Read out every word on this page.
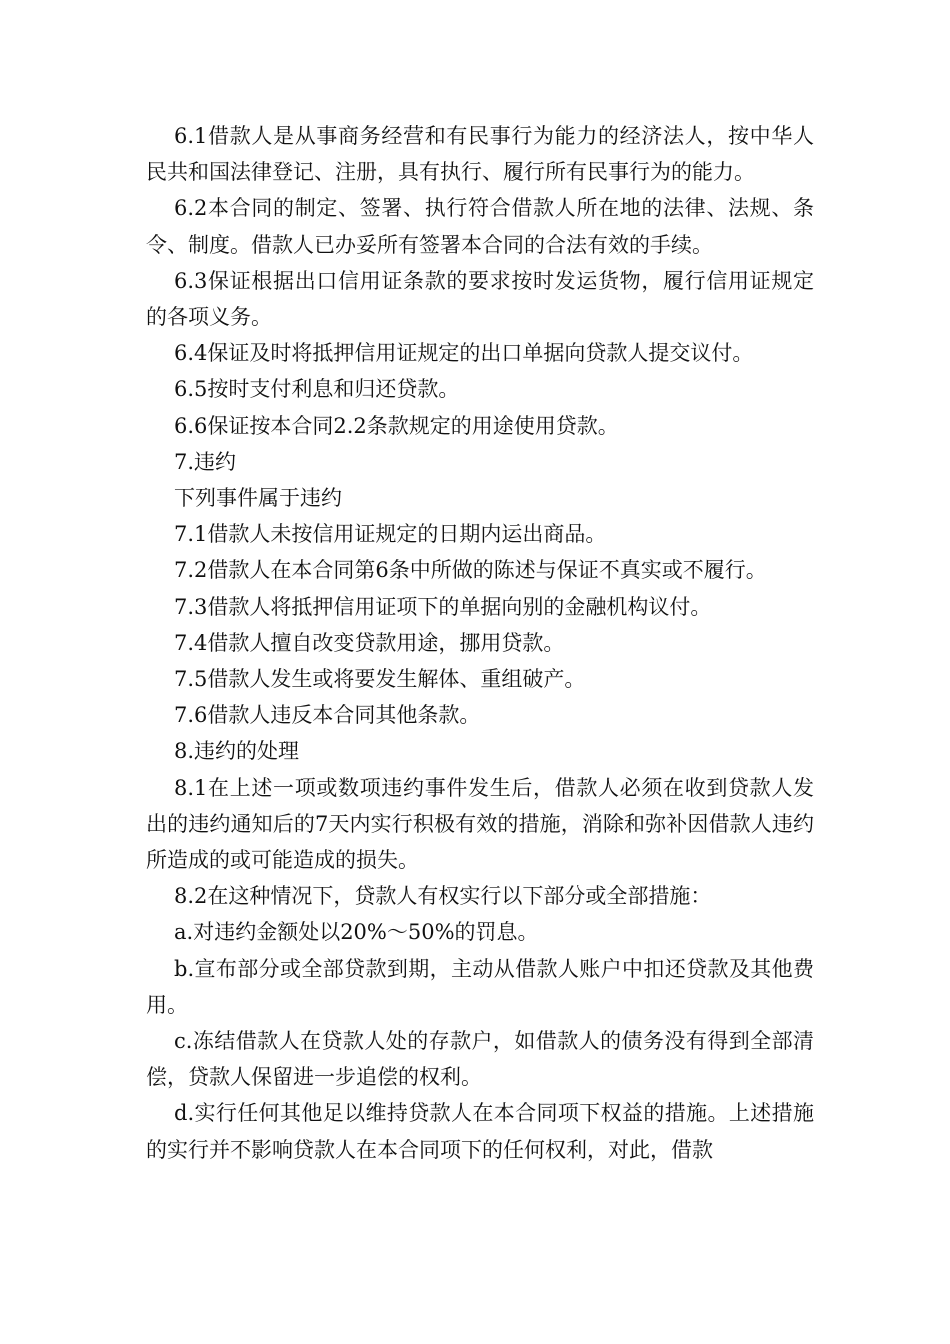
6.1借款人是从事商务经营和有民事行为能力的经济法人，按中华人民共和国法律登记、注册，具有执行、履行所有民事行为的能力。

6.2本合同的制定、签署、执行符合借款人所在地的法律、法规、条令、制度。借款人已办妥所有签署本合同的合法有效的手续。

6.3保证根据出口信用证条款的要求按时发运货物，履行信用证规定的各项义务。

6.4保证及时将抵押信用证规定的出口单据向贷款人提交议付。

6.5按时支付利息和归还贷款。

6.6保证按本合同2.2条款规定的用途使用贷款。

7.违约

下列事件属于违约

7.1借款人未按信用证规定的日期内运出商品。

7.2借款人在本合同第6条中所做的陈述与保证不真实或不履行。

7.3借款人将抵押信用证项下的单据向别的金融机构议付。

7.4借款人擅自改变贷款用途，挪用贷款。

7.5借款人发生或将要发生解体、重组破产。

7.6借款人违反本合同其他条款。

8.违约的处理

8.1在上述一项或数项违约事件发生后，借款人必须在收到贷款人发出的违约通知后的7天内实行积极有效的措施，消除和弥补因借款人违约所造成的或可能造成的损失。

8.2在这种情况下，贷款人有权实行以下部分或全部措施：

a.对违约金额处以20%～50%的罚息。

b.宣布部分或全部贷款到期，主动从借款人账户中扣还贷款及其他费用。

c.冻结借款人在贷款人处的存款户，如借款人的债务没有得到全部清偿，贷款人保留进一步追偿的权利。

d.实行任何其他足以维持贷款人在本合同项下权益的措施。上述措施的实行并不影响贷款人在本合同项下的任何权利，对此，借款
